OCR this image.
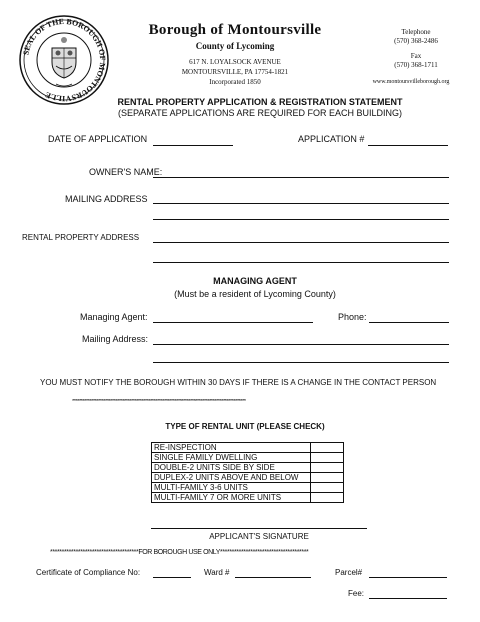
SEAL OF THE BOROUGH OF MONTOURSVILLE
Borough of Montoursville
County of Lycoming
617 N. LOYALSOCK AVENUE
MONTOURSVILLE, PA 17754-1821
Incorporated 1850
Telephone
(570) 368-2486
Fax
(570) 368-1711
www.montoursvilleborough.org
RENTAL PROPERTY APPLICATION & REGISTRATION STATEMENT
(SEPARATE APPLICATIONS ARE REQUIRED FOR EACH BUILDING)
DATE OF APPLICATION	APPLICATION #
OWNER'S NAME:
MAILING ADDRESS
RENTAL PROPERTY ADDRESS
MANAGING AGENT
(Must be a resident of Lycoming County)
Managing Agent:	Phone:
Mailing Address:
YOU MUST NOTIFY THE BOROUGH WITHIN 30 DAYS IF THERE IS A CHANGE IN THE CONTACT PERSON
****************************************************************************************************
TYPE OF RENTAL UNIT (PLEASE CHECK)
RE-INSPECTION	
SINGLE FAMILY DWELLING	
DOUBLE-2 UNITS SIDE BY SIDE	
DUPLEX-2 UNITS ABOVE AND BELOW	
MULTI-FAMILY 3-6 UNITS	
MULTI-FAMILY 7 OR MORE UNITS	
APPLICANT'S SIGNATURE
**************************************FOR BOROUGH USE ONLY**************************************
Certificate of Compliance No:	Ward #	Parcel#
Fee:
